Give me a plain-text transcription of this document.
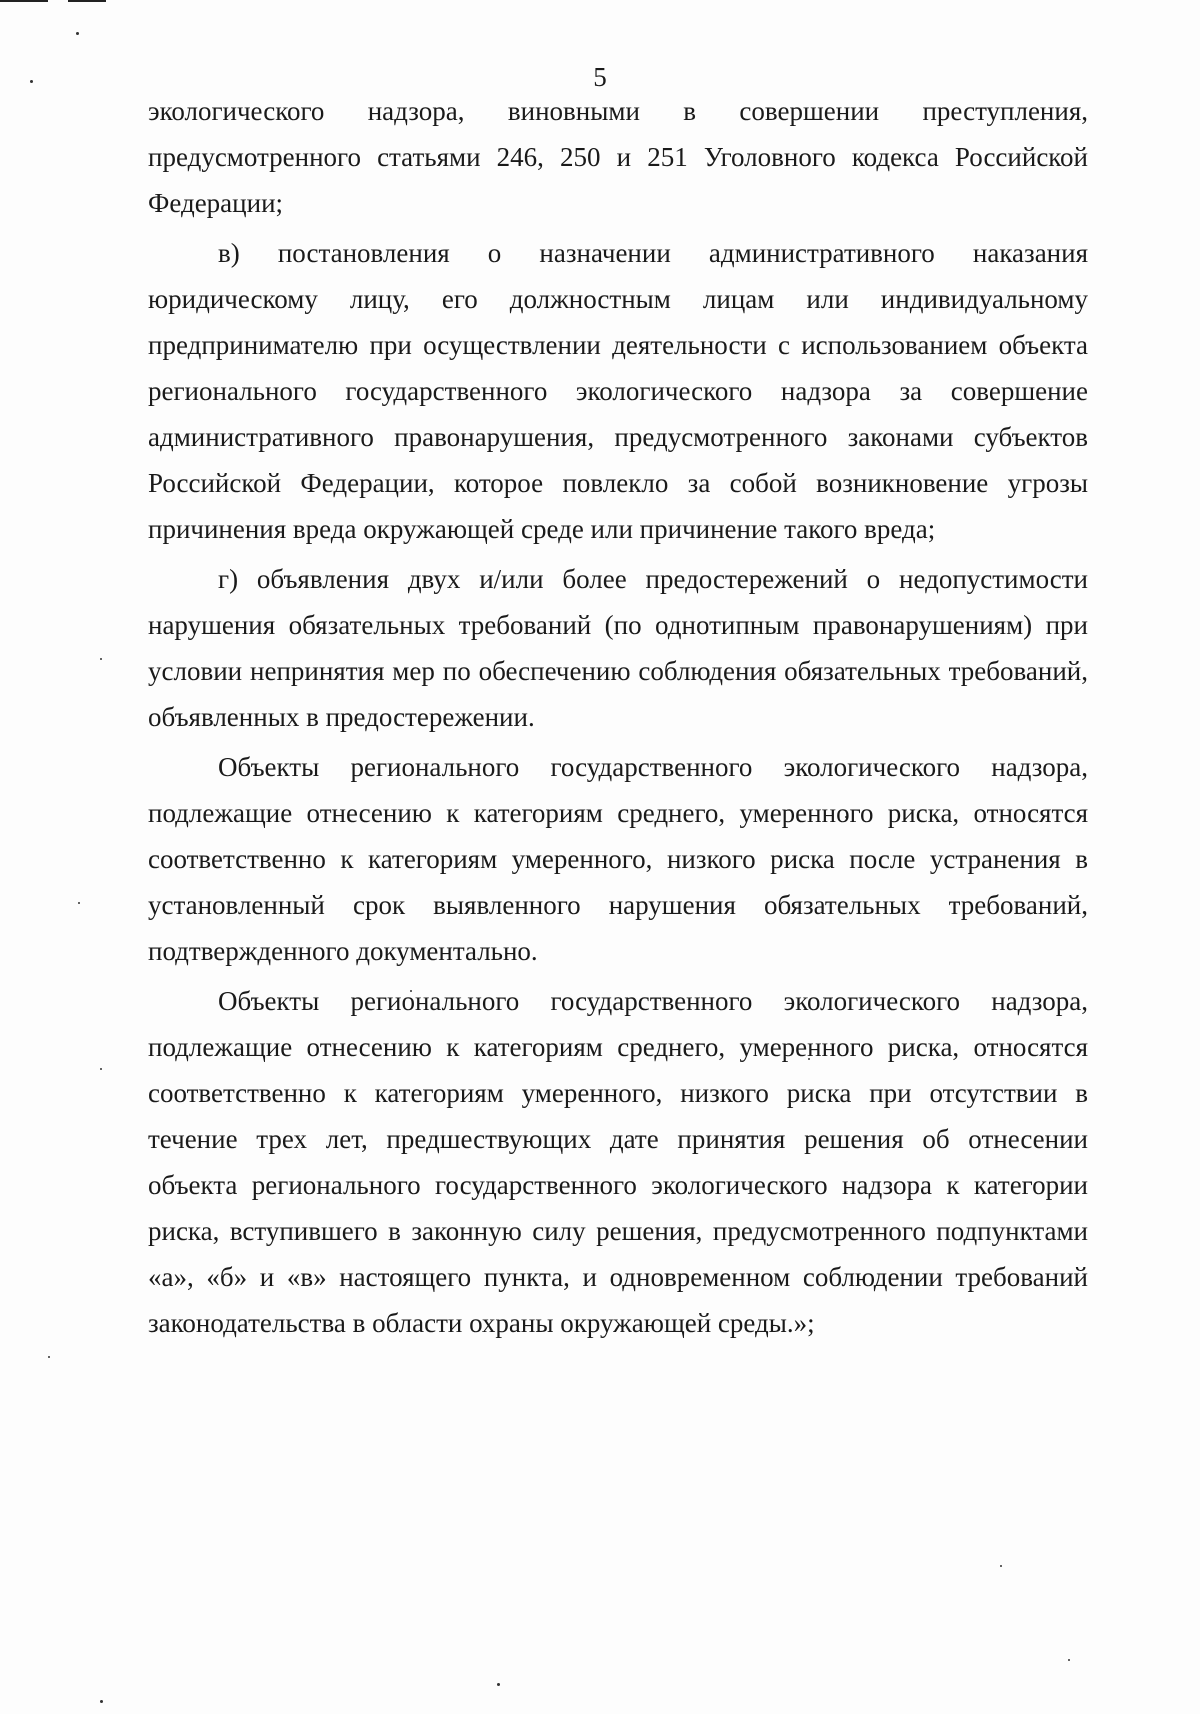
5

экологического надзора, виновными в совершении преступления, предусмотренного статьями 246, 250 и 251 Уголовного кодекса Российской Федерации;

в) постановления о назначении административного наказания юридическому лицу, его должностным лицам или индивидуальному предпринимателю при осуществлении деятельности с использованием объекта регионального государственного экологического надзора за совершение административного правонарушения, предусмотренного законами субъектов Российской Федерации, которое повлекло за собой возникновение угрозы причинения вреда окружающей среде или причинение такого вреда;

г) объявления двух и/или более предостережений о недопустимости нарушения обязательных требований (по однотипным правонарушениям) при условии непринятия мер по обеспечению соблюдения обязательных требований, объявленных в предостережении.

Объекты регионального государственного экологического надзора, подлежащие отнесению к категориям среднего, умеренного риска, относятся соответственно к категориям умеренного, низкого риска после устранения в установленный срок выявленного нарушения обязательных требований, подтвержденного документально.

Объекты регионального государственного экологического надзора, подлежащие отнесению к категориям среднего, умеренного риска, относятся соответственно к категориям умеренного, низкого риска при отсутствии в течение трех лет, предшествующих дате принятия решения об отнесении объекта регионального государственного экологического надзора к категории риска, вступившего в законную силу решения, предусмотренного подпунктами «а», «б» и «в» настоящего пункта, и одновременном соблюдении требований законодательства в области охраны окружающей среды.»;
